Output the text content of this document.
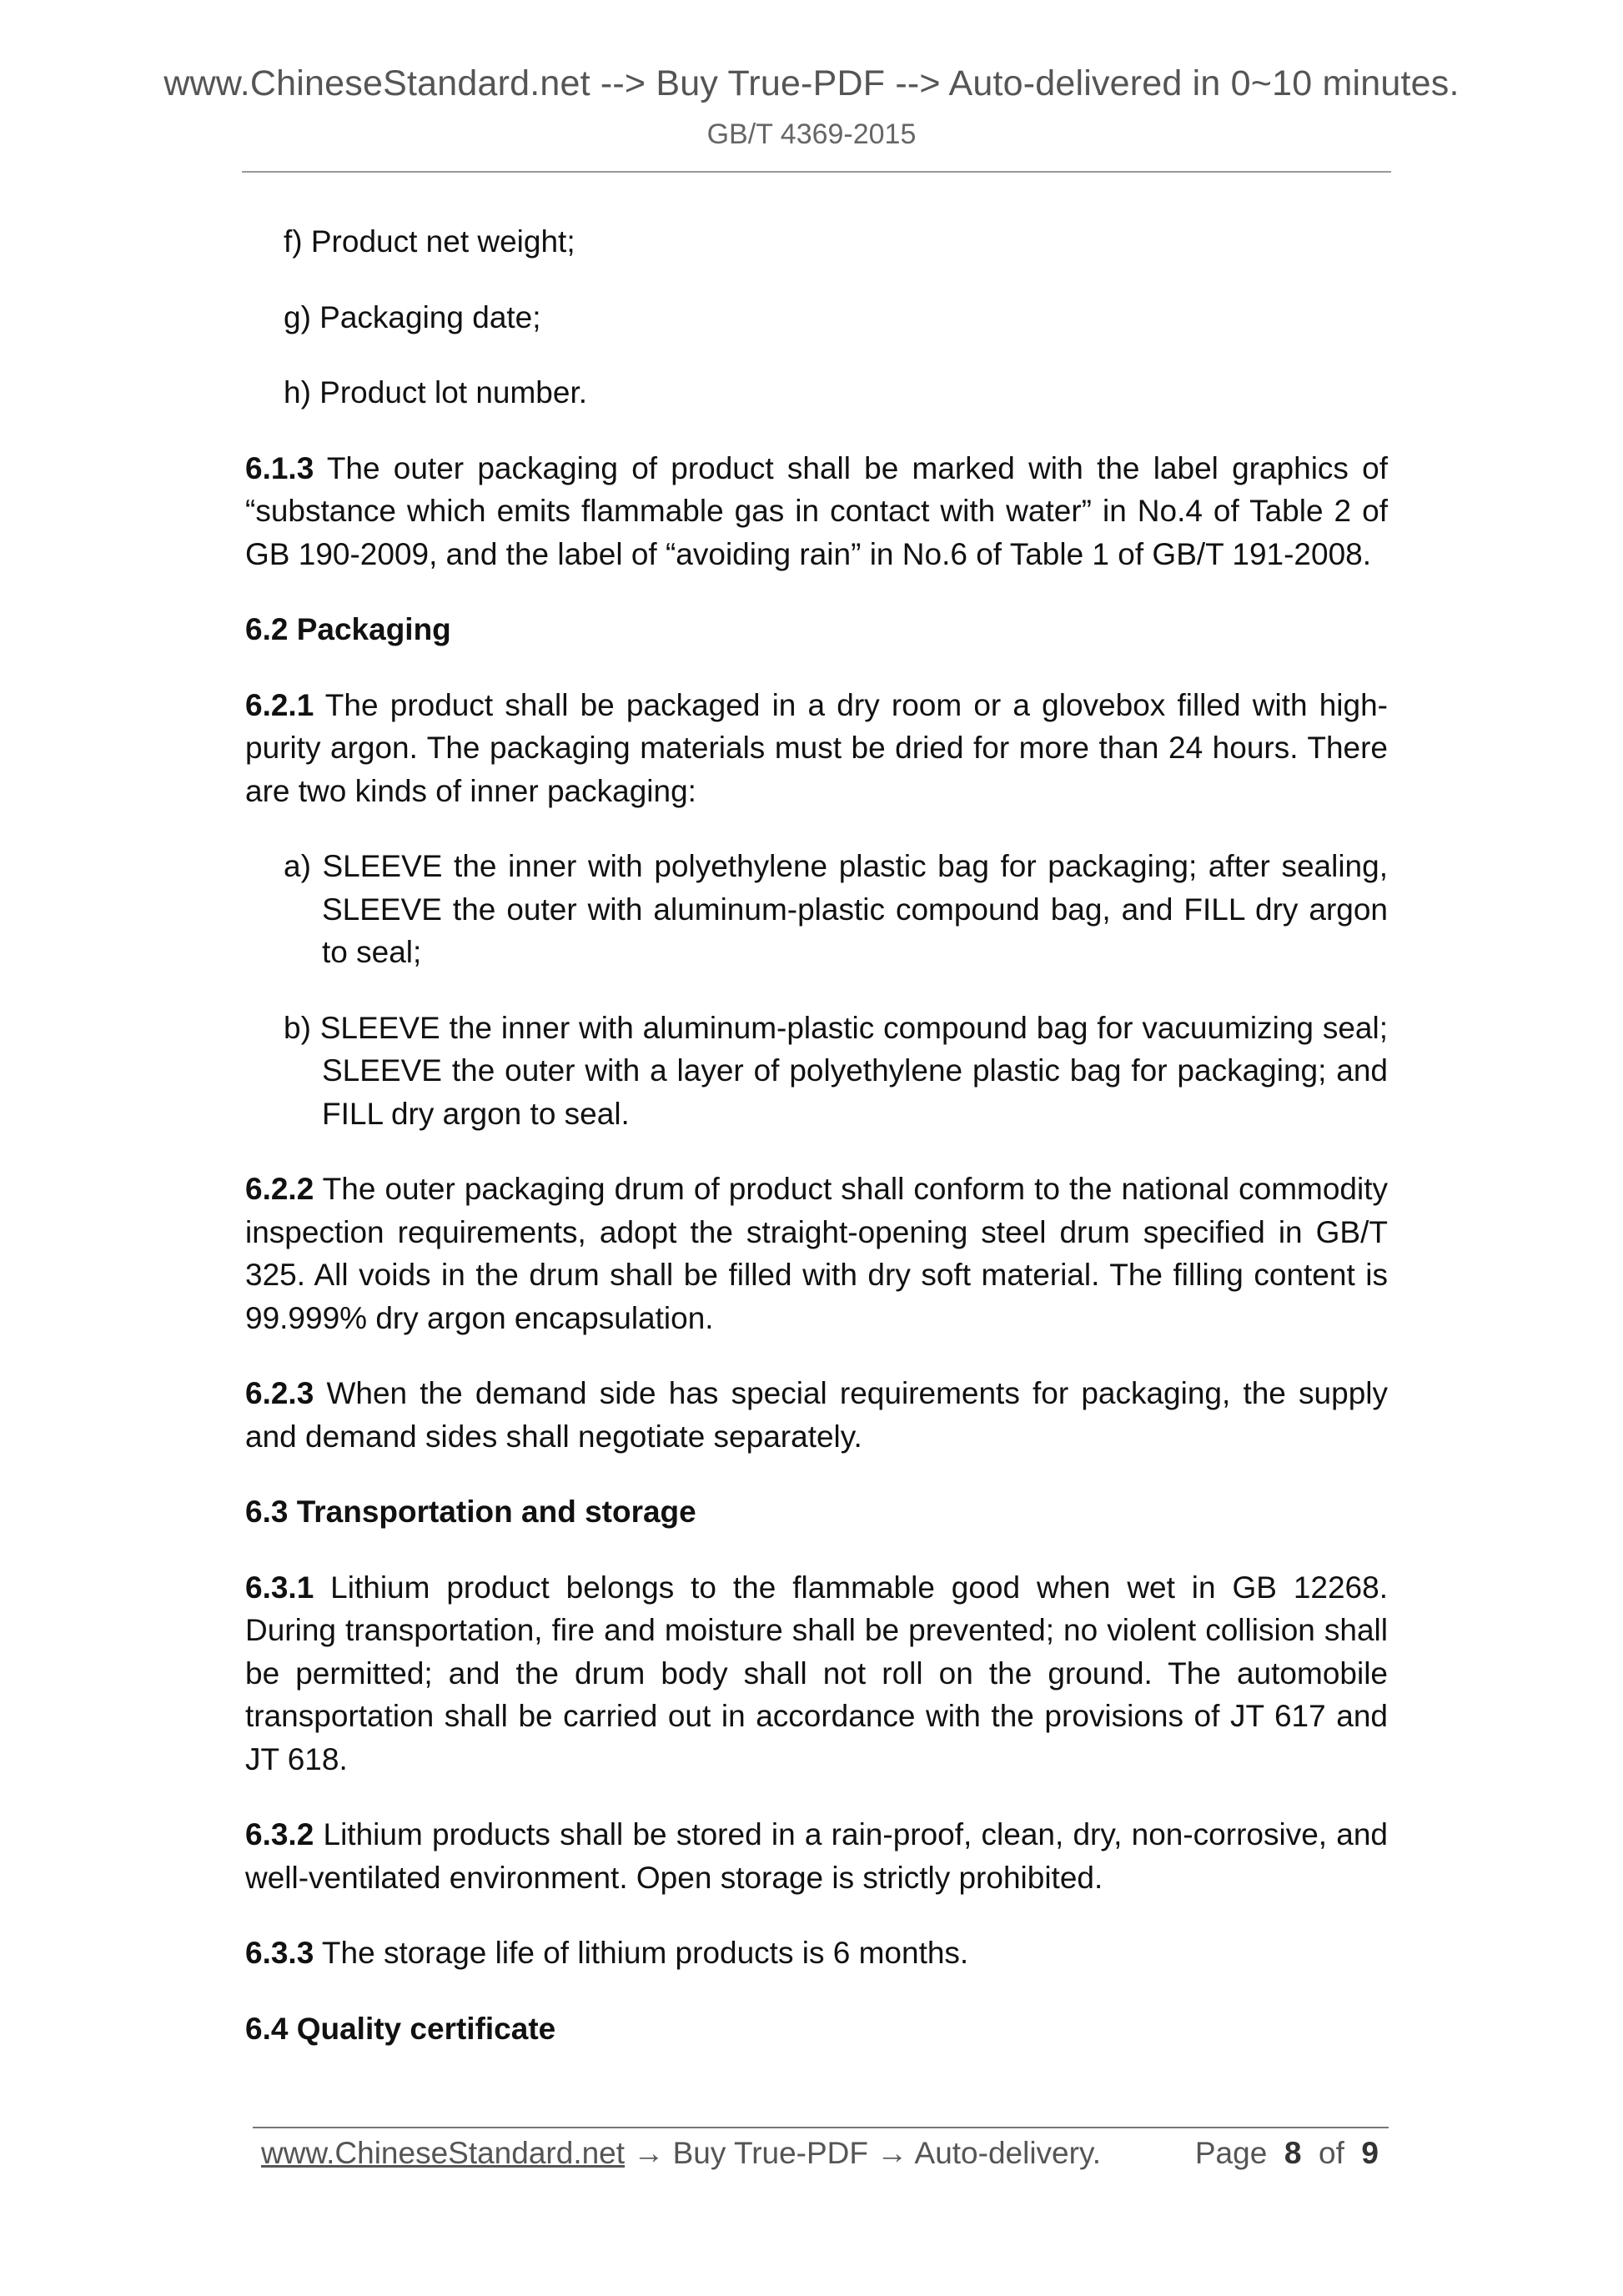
www.ChineseStandard.net --> Buy True-PDF --> Auto-delivered in 0~10 minutes.
GB/T 4369-2015

f) Product net weight;

g) Packaging date;

h) Product lot number.

6.1.3 The outer packaging of product shall be marked with the label graphics of “substance which emits flammable gas in contact with water” in No.4 of Table 2 of GB 190-2009, and the label of “avoiding rain” in No.6 of Table 1 of GB/T 191-2008.

6.2 Packaging

6.2.1 The product shall be packaged in a dry room or a glovebox filled with high-purity argon. The packaging materials must be dried for more than 24 hours. There are two kinds of inner packaging:

a) SLEEVE the inner with polyethylene plastic bag for packaging; after sealing, SLEEVE the outer with aluminum-plastic compound bag, and FILL dry argon to seal;

b) SLEEVE the inner with aluminum-plastic compound bag for vacuumizing seal; SLEEVE the outer with a layer of polyethylene plastic bag for packaging; and FILL dry argon to seal.

6.2.2 The outer packaging drum of product shall conform to the national commodity inspection requirements, adopt the straight-opening steel drum specified in GB/T 325. All voids in the drum shall be filled with dry soft material. The filling content is 99.999% dry argon encapsulation.

6.2.3 When the demand side has special requirements for packaging, the supply and demand sides shall negotiate separately.

6.3 Transportation and storage

6.3.1 Lithium product belongs to the flammable good when wet in GB 12268. During transportation, fire and moisture shall be prevented; no violent collision shall be permitted; and the drum body shall not roll on the ground. The automobile transportation shall be carried out in accordance with the provisions of JT 617 and JT 618.

6.3.2 Lithium products shall be stored in a rain-proof, clean, dry, non-corrosive, and well-ventilated environment. Open storage is strictly prohibited.

6.3.3 The storage life of lithium products is 6 months.

6.4 Quality certificate

www.ChineseStandard.net → Buy True-PDF → Auto-delivery.	Page 8 of 9
